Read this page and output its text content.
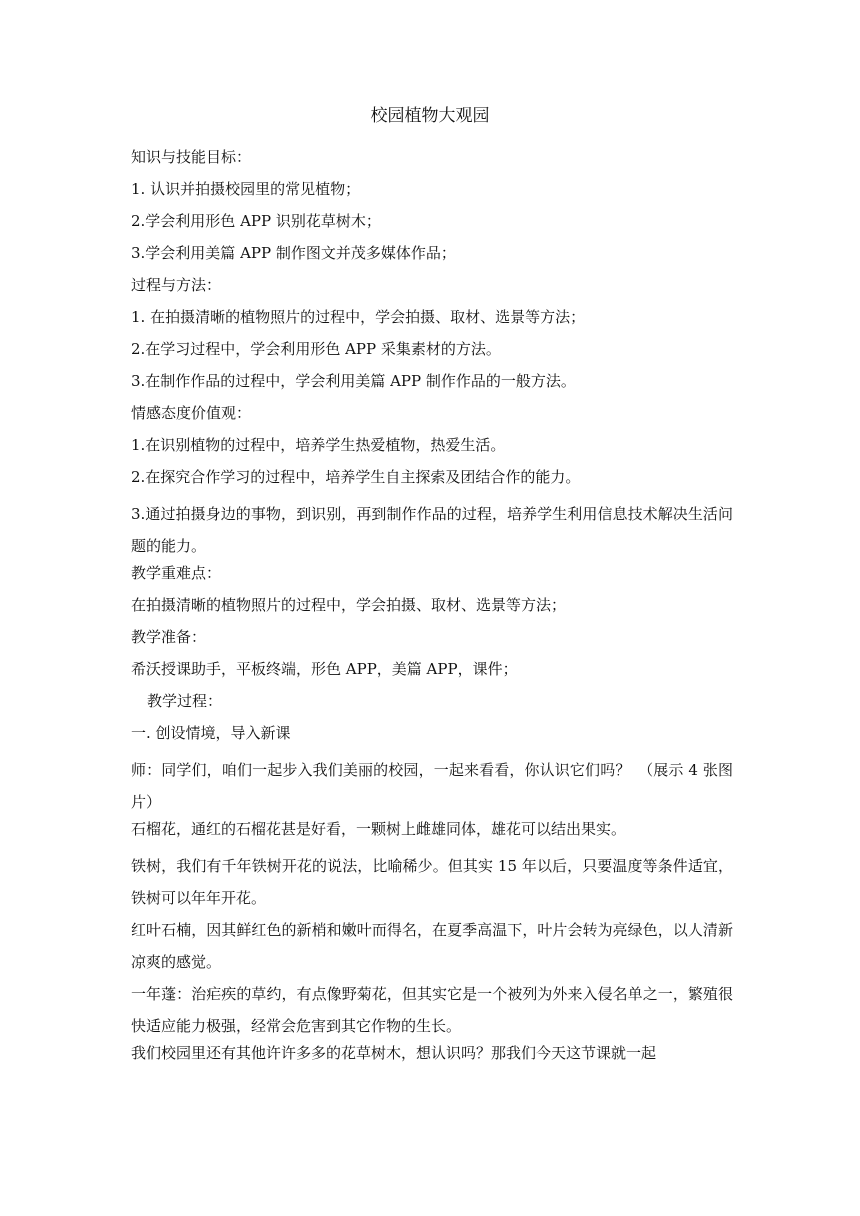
校园植物大观园
知识与技能目标：
1. 认识并拍摄校园里的常见植物；
2.学会利用形色 APP 识别花草树木；
3.学会利用美篇 APP 制作图文并茂多媒体作品；
过程与方法：
1. 在拍摄清晰的植物照片的过程中，学会拍摄、取材、选景等方法；
2.在学习过程中，学会利用形色 APP 采集素材的方法。
3.在制作作品的过程中，学会利用美篇 APP 制作作品的一般方法。
情感态度价值观：
1.在识别植物的过程中，培养学生热爱植物，热爱生活。
2.在探究合作学习的过程中，培养学生自主探索及团结合作的能力。

3.通过拍摄身边的事物，到识别，再到制作作品的过程，培养学生利用信息技术解决生活问题的能力。

教学重难点：
在拍摄清晰的植物照片的过程中，学会拍摄、取材、选景等方法；
教学准备：
希沃授课助手，平板终端，形色 APP，美篇 APP，课件；
教学过程：
一. 创设情境，导入新课

师：同学们，咱们一起步入我们美丽的校园，一起来看看，你认识它们吗？　（展示 4 张图片）

石榴花，通红的石榴花甚是好看，一颗树上雌雄同体，雄花可以结出果实。

铁树，我们有千年铁树开花的说法，比喻稀少。但其实 15 年以后，只要温度等条件适宜，铁树可以年年开花。

红叶石楠，因其鲜红色的新梢和嫩叶而得名，在夏季高温下，叶片会转为亮绿色，以人清新凉爽的感觉。

一年蓬：治疟疾的草约，有点像野菊花，但其实它是一个被列为外来入侵名单之一，繁殖很快适应能力极强，经常会危害到其它作物的生长。

我们校园里还有其他许许多多的花草树木，想认识吗？那我们今天这节课就一起
